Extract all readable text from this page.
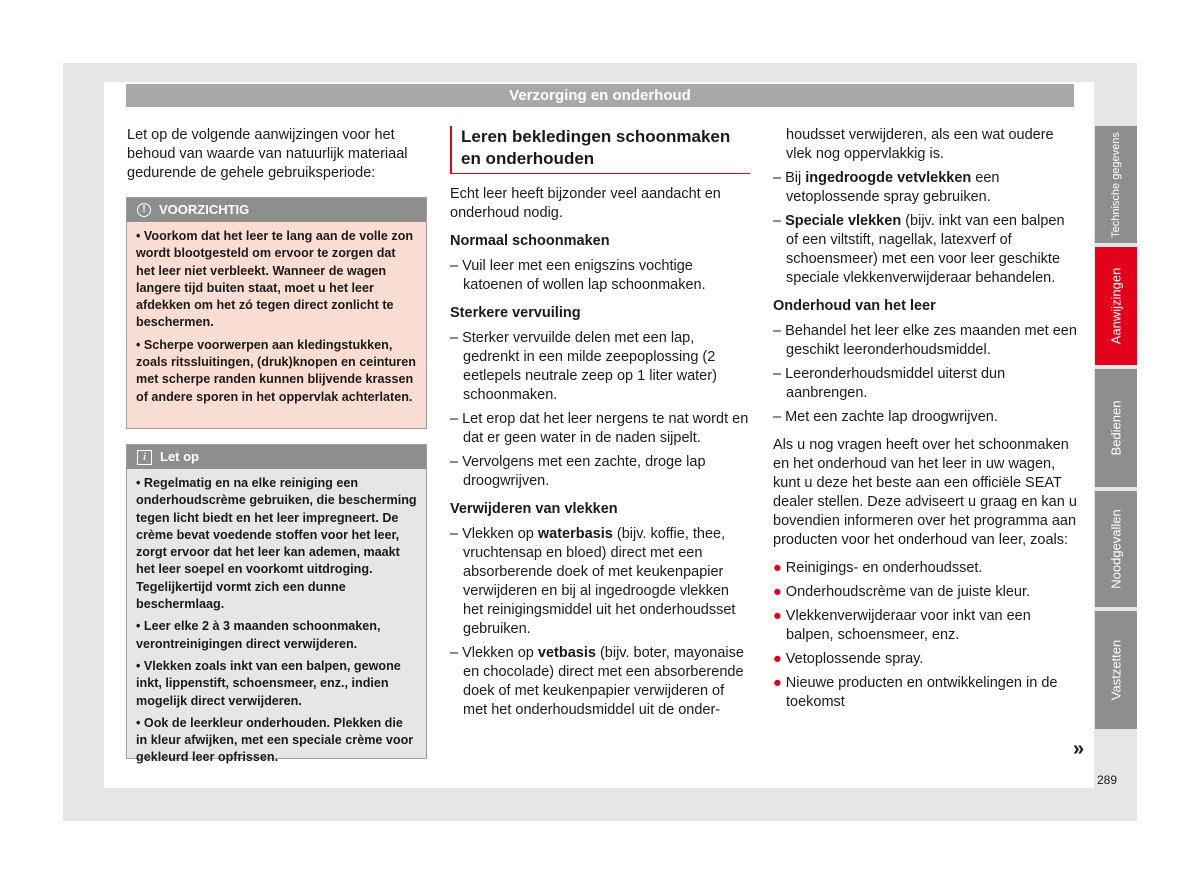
Verzorging en onderhoud

Let op de volgende aanwijzingen voor het behoud van waarde van natuurlijk materiaal gedurende de gehele gebruiksperiode:

!	VOORZICHTIG

• Voorkom dat het leer te lang aan de volle zon wordt blootgesteld om ervoor te zorgen dat het leer niet verbleekt. Wanneer de wagen langere tijd buiten staat, moet u het leer afdekken om het zó tegen direct zonlicht te beschermen.

• Scherpe voorwerpen aan kledingstukken, zoals ritssluitingen, (druk)knopen en ceinturen met scherpe randen kunnen blijvende krassen of andere sporen in het oppervlak achterlaten.

i	Let op

• Regelmatig en na elke reiniging een onderhoudscrème gebruiken, die bescherming tegen licht biedt en het leer impregneert. De crème bevat voedende stoffen voor het leer, zorgt ervoor dat het leer kan ademen, maakt het leer soepel en voorkomt uitdroging. Tegelijkertijd vormt zich een dunne beschermlaag.

• Leer elke 2 à 3 maanden schoonmaken, verontreinigingen direct verwijderen.

• Vlekken zoals inkt van een balpen, gewone inkt, lippenstift, schoensmeer, enz., indien mogelijk direct verwijderen.

• Ook de leerkleur onderhouden. Plekken die in kleur afwijken, met een speciale crème voor gekleurd leer opfrissen.

Leren bekledingen schoonmaken en onderhouden

Echt leer heeft bijzonder veel aandacht en onderhoud nodig.

Normaal schoonmaken

– Vuil leer met een enigszins vochtige katoenen of wollen lap schoonmaken.

Sterkere vervuiling

– Sterker vervuilde delen met een lap, gedrenkt in een milde zeepoplossing (2 eetlepels neutrale zeep op 1 liter water) schoonmaken.

– Let erop dat het leer nergens te nat wordt en dat er geen water in de naden sijpelt.

– Vervolgens met een zachte, droge lap droogwrijven.

Verwijderen van vlekken

– Vlekken op waterbasis (bijv. koffie, thee, vruchtensap en bloed) direct met een absorberende doek of met keukenpapier verwijderen en bij al ingedroogde vlekken het reinigingsmiddel uit het onderhoudsset gebruiken.

– Vlekken op vetbasis (bijv. boter, mayonaise en chocolade) direct met een absorberende doek of met keukenpapier verwijderen of met het onderhoudsmiddel uit de onder-

houdsset verwijderen, als een wat oudere vlek nog oppervlakkig is.

– Bij ingedroogde vetvlekken een vetoplossende spray gebruiken.

– Speciale vlekken (bijv. inkt van een balpen of een viltstift, nagellak, latexverf of schoensmeer) met een voor leer geschikte speciale vlekkenverwijderaar behandelen.

Onderhoud van het leer

– Behandel het leer elke zes maanden met een geschikt leeronderhoudsmiddel.

– Leeronderhoudsmiddel uiterst dun aanbrengen.

– Met een zachte lap droogwrijven.

Als u nog vragen heeft over het schoonmaken en het onderhoud van het leer in uw wagen, kunt u deze het beste aan een officiële SEAT dealer stellen. Deze adviseert u graag en kan u bovendien informeren over het programma aan producten voor het onderhoud van leer, zoals:

● Reinigings- en onderhoudsset.

● Onderhoudscrème van de juiste kleur.

● Vlekkenverwijderaar voor inkt van een balpen, schoensmeer, enz.

● Vetoplossende spray.

● Nieuwe producten en ontwikkelingen in de toekomst

»
Technische gegevens
Aanwijzingen
Bedienen
Noodgevallen
Vastzetten
289
